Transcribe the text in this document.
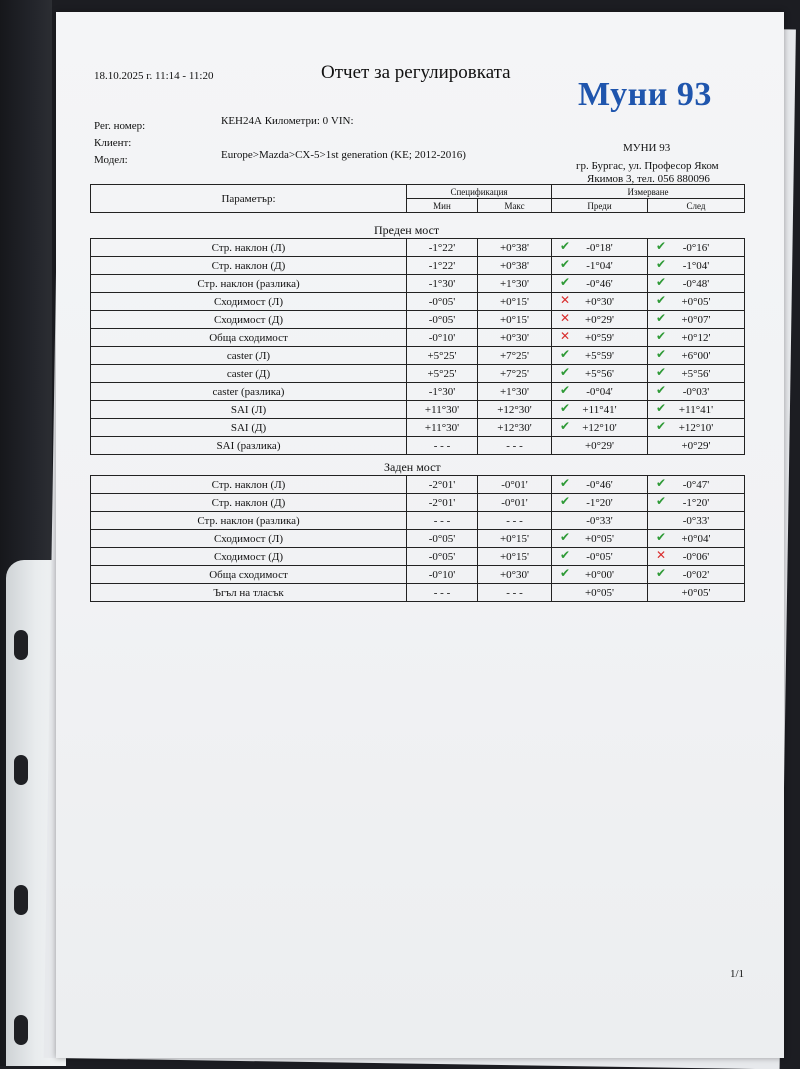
18.10.2025 г. 11:14 - 11:20	Отчет за регулировката
Муни 93
Рег. номер:	КЕН24А Километри: 0 VIN:
Клиент:
Модел:	Europe>Mazda>CX-5>1st generation (KE; 2012-2016)
МУНИ 93
гр. Бургас, ул. Професор Яком
Якимов 3, тел. 056 880096
Параметър:	Спецификация		Измерване	
	Мин	Макс	Преди	След
Преден мост
Стр. наклон (Л)	-1°22'	+0°38'	✔ -0°18'	✔ -0°16'
Стр. наклон (Д)	-1°22'	+0°38'	✔ -1°04'	✔ -1°04'
Стр. наклон (разлика)	-1°30'	+1°30'	✔ -0°46'	✔ -0°48'
Сходимост (Л)	-0°05'	+0°15'	✕ +0°30'	✔ +0°05'
Сходимост (Д)	-0°05'	+0°15'	✕ +0°29'	✔ +0°07'
Обща сходимост	-0°10'	+0°30'	✕ +0°59'	✔ +0°12'
caster (Л)	+5°25'	+7°25'	✔ +5°59'	✔ +6°00'
caster (Д)	+5°25'	+7°25'	✔ +5°56'	✔ +5°56'
caster (разлика)	-1°30'	+1°30'	✔ -0°04'	✔ -0°03'
SAI (Л)	+11°30'	+12°30'	✔ +11°41'	✔ +11°41'
SAI (Д)	+11°30'	+12°30'	✔ +12°10'	✔ +12°10'
SAI (разлика)	- - -	- - -	+0°29'	+0°29'
Заден мост
Стр. наклон (Л)	-2°01'	-0°01'	✔ -0°46'	✔ -0°47'
Стр. наклон (Д)	-2°01'	-0°01'	✔ -1°20'	✔ -1°20'
Стр. наклон (разлика)	- - -	- - -	-0°33'	-0°33'
Сходимост (Л)	-0°05'	+0°15'	✔ +0°05'	✔ +0°04'
Сходимост (Д)	-0°05'	+0°15'	✔ -0°05'	✕ -0°06'
Обща сходимост	-0°10'	+0°30'	✔ +0°00'	✔ -0°02'
Ъгъл на тласък	- - -	- - -	+0°05'	+0°05'
1/1
